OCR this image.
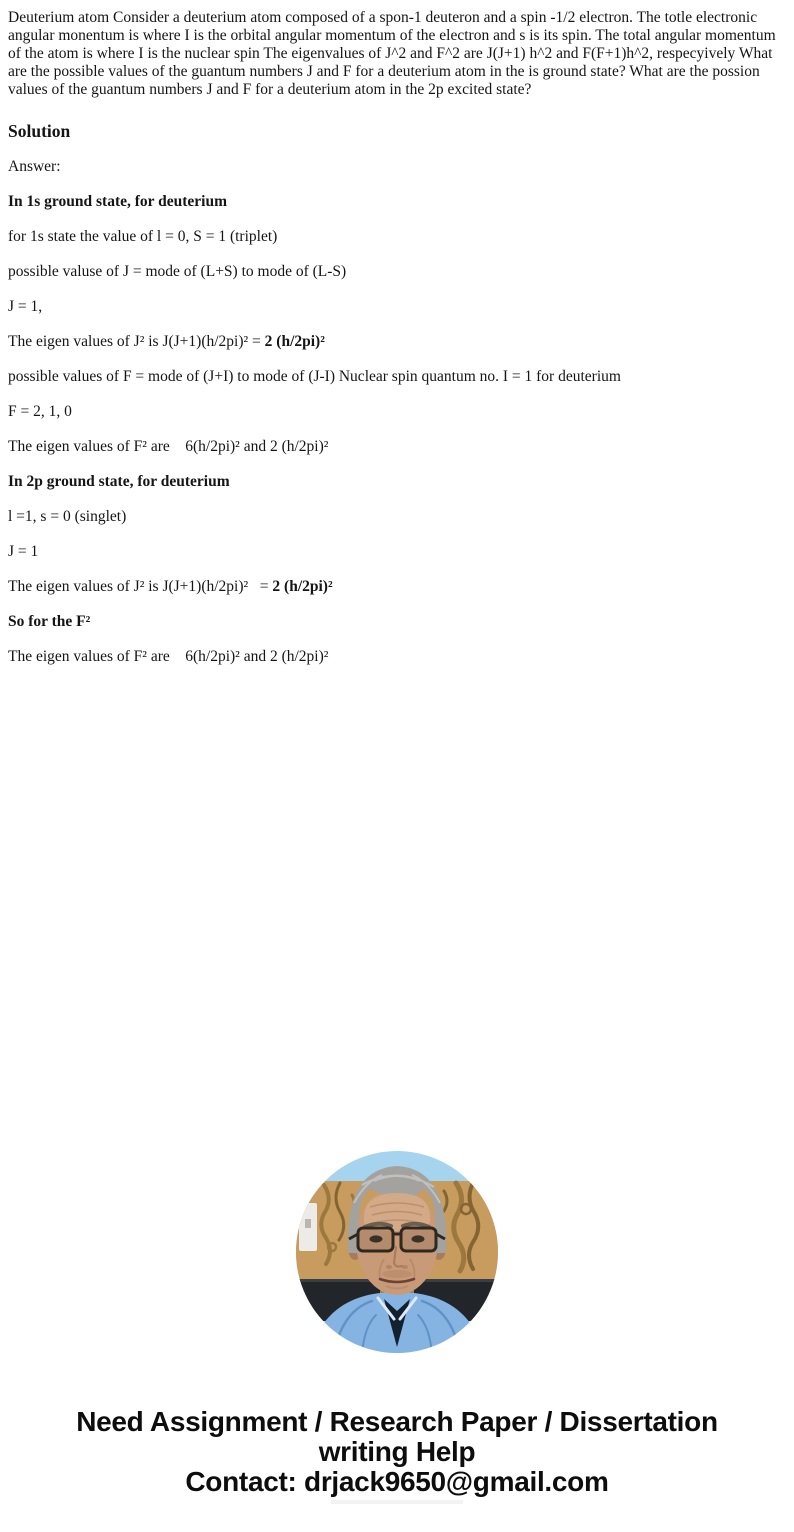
Deuterium atom Consider a deuterium atom composed of a spon-1 deuteron and a spin -1/2 electron. The totle electronic angular monentum is where I is the orbital angular momentum of the electron and s is its spin. The total angular momentum of the atom is where I is the nuclear spin The eigenvalues of J^2 and F^2 are J(J+1) h^2 and F(F+1)h^2, respecyively What are the possible values of the guantum numbers J and F for a deuterium atom in the is ground state? What are the possion values of the guantum numbers J and F for a deuterium atom in the 2p excited state?

Solution

Answer:

In 1s ground state, for deuterium

for 1s state the value of l = 0, S = 1 (triplet)

possible valuse of J = mode of (L+S) to mode of (L-S)

J = 1,

The eigen values of J² is J(J+1)(h/2pi)² = 2 (h/2pi)²

possible values of F = mode of (J+I) to mode of (J-I) Nuclear spin quantum no. I = 1 for deuterium

F = 2, 1, 0

The eigen values of F² are    6(h/2pi)² and 2 (h/2pi)²

In 2p ground state, for deuterium

l =1, s = 0 (singlet)

J = 1

The eigen values of J² is J(J+1)(h/2pi)²   = 2 (h/2pi)²

So for the F²

The eigen values of F² are    6(h/2pi)² and 2 (h/2pi)²

Need Assignment / Research Paper / Dissertation
writing Help
Contact: drjack9650@gmail.com
